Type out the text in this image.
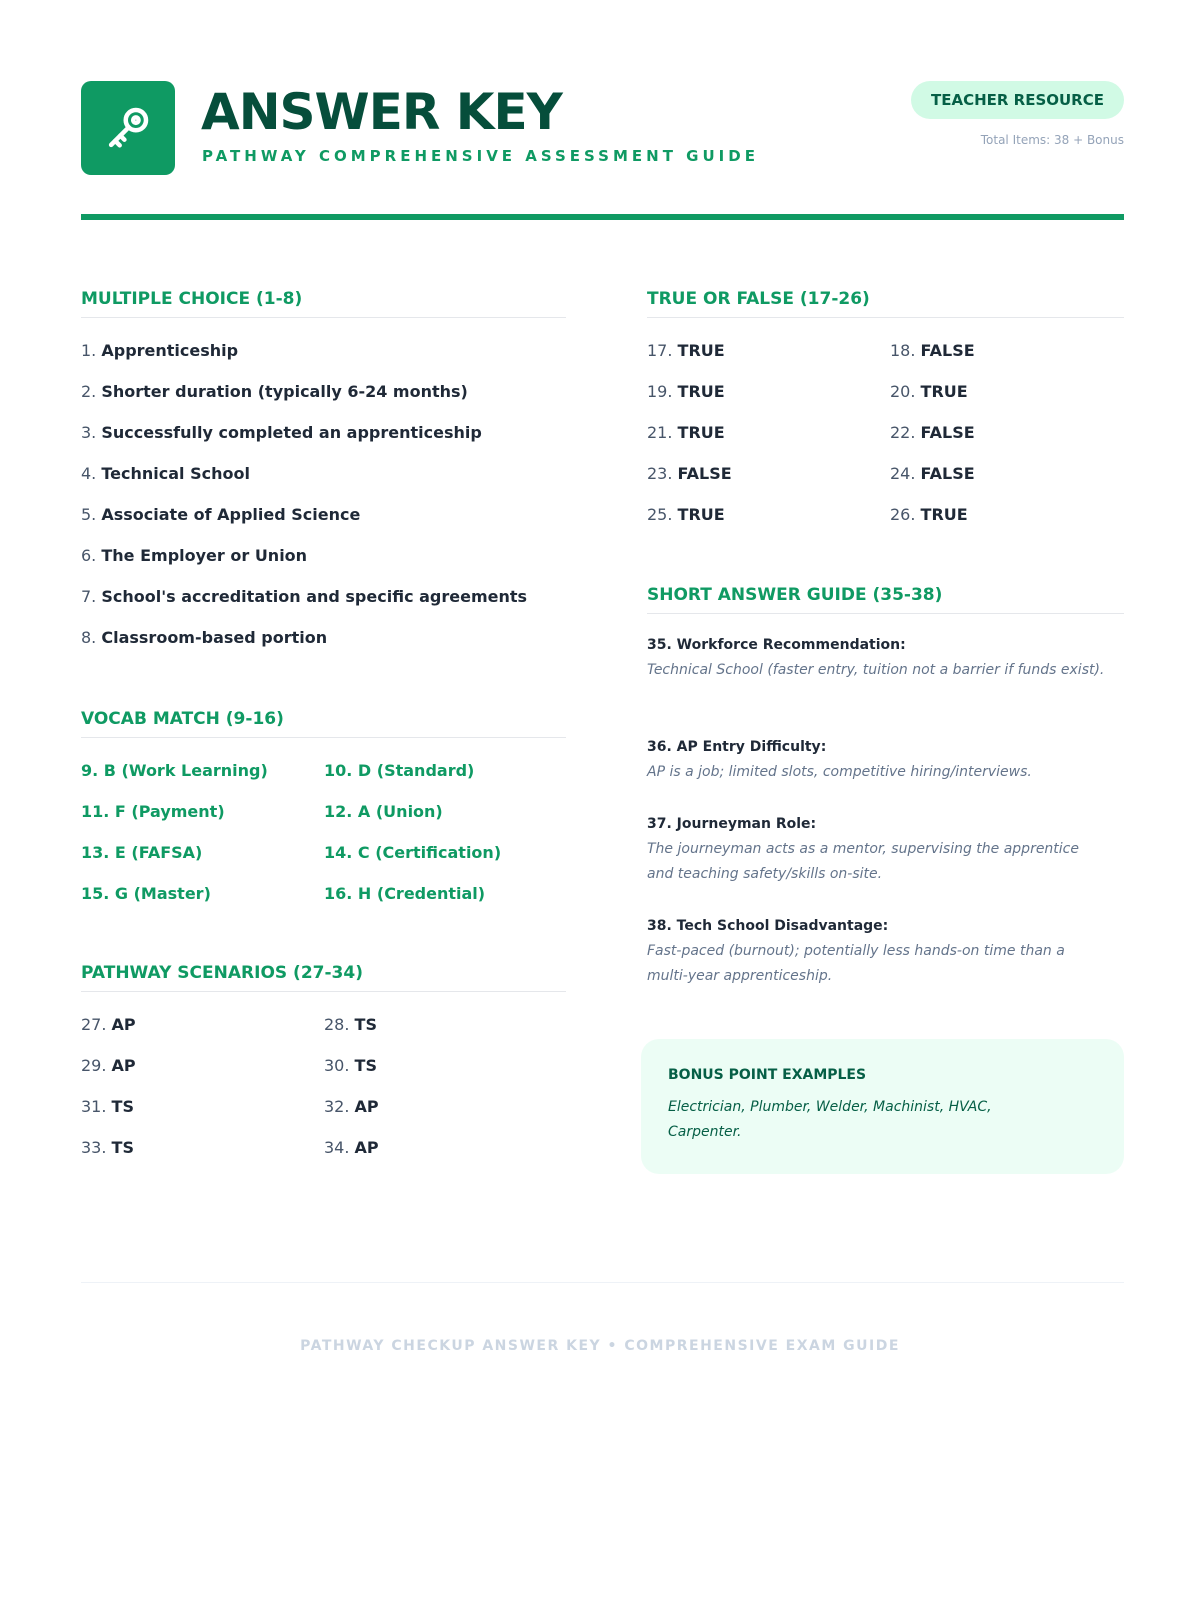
ANSWER KEY
PATHWAY COMPREHENSIVE ASSESSMENT GUIDE
TEACHER RESOURCE
Total Items: 38 + Bonus
MULTIPLE CHOICE (1-8)
1. Apprenticeship
2. Shorter duration (typically 6-24 months)
3. Successfully completed an apprenticeship
4. Technical School
5. Associate of Applied Science
6. The Employer or Union
7. School's accreditation and specific agreements
8. Classroom-based portion
VOCAB MATCH (9-16)
9. B (Work Learning)	10. D (Standard)
11. F (Payment)	12. A (Union)
13. E (FAFSA)	14. C (Certification)
15. G (Master)	16. H (Credential)
PATHWAY SCENARIOS (27-34)
27. AP	28. TS
29. AP	30. TS
31. TS	32. AP
33. TS	34. AP
TRUE OR FALSE (17-26)
17. TRUE	18. FALSE
19. TRUE	20. TRUE
21. TRUE	22. FALSE
23. FALSE	24. FALSE
25. TRUE	26. TRUE
SHORT ANSWER GUIDE (35-38)
35. Workforce Recommendation:
Technical School (faster entry, tuition not a barrier if funds exist).
36. AP Entry Difficulty:
AP is a job; limited slots, competitive hiring/interviews.
37. Journeyman Role:
The journeyman acts as a mentor, supervising the apprentice and teaching safety/skills on-site.
38. Tech School Disadvantage:
Fast-paced (burnout); potentially less hands-on time than a multi-year apprenticeship.
BONUS POINT EXAMPLES
Electrician, Plumber, Welder, Machinist, HVAC, Carpenter.
PATHWAY CHECKUP ANSWER KEY • COMPREHENSIVE EXAM GUIDE
